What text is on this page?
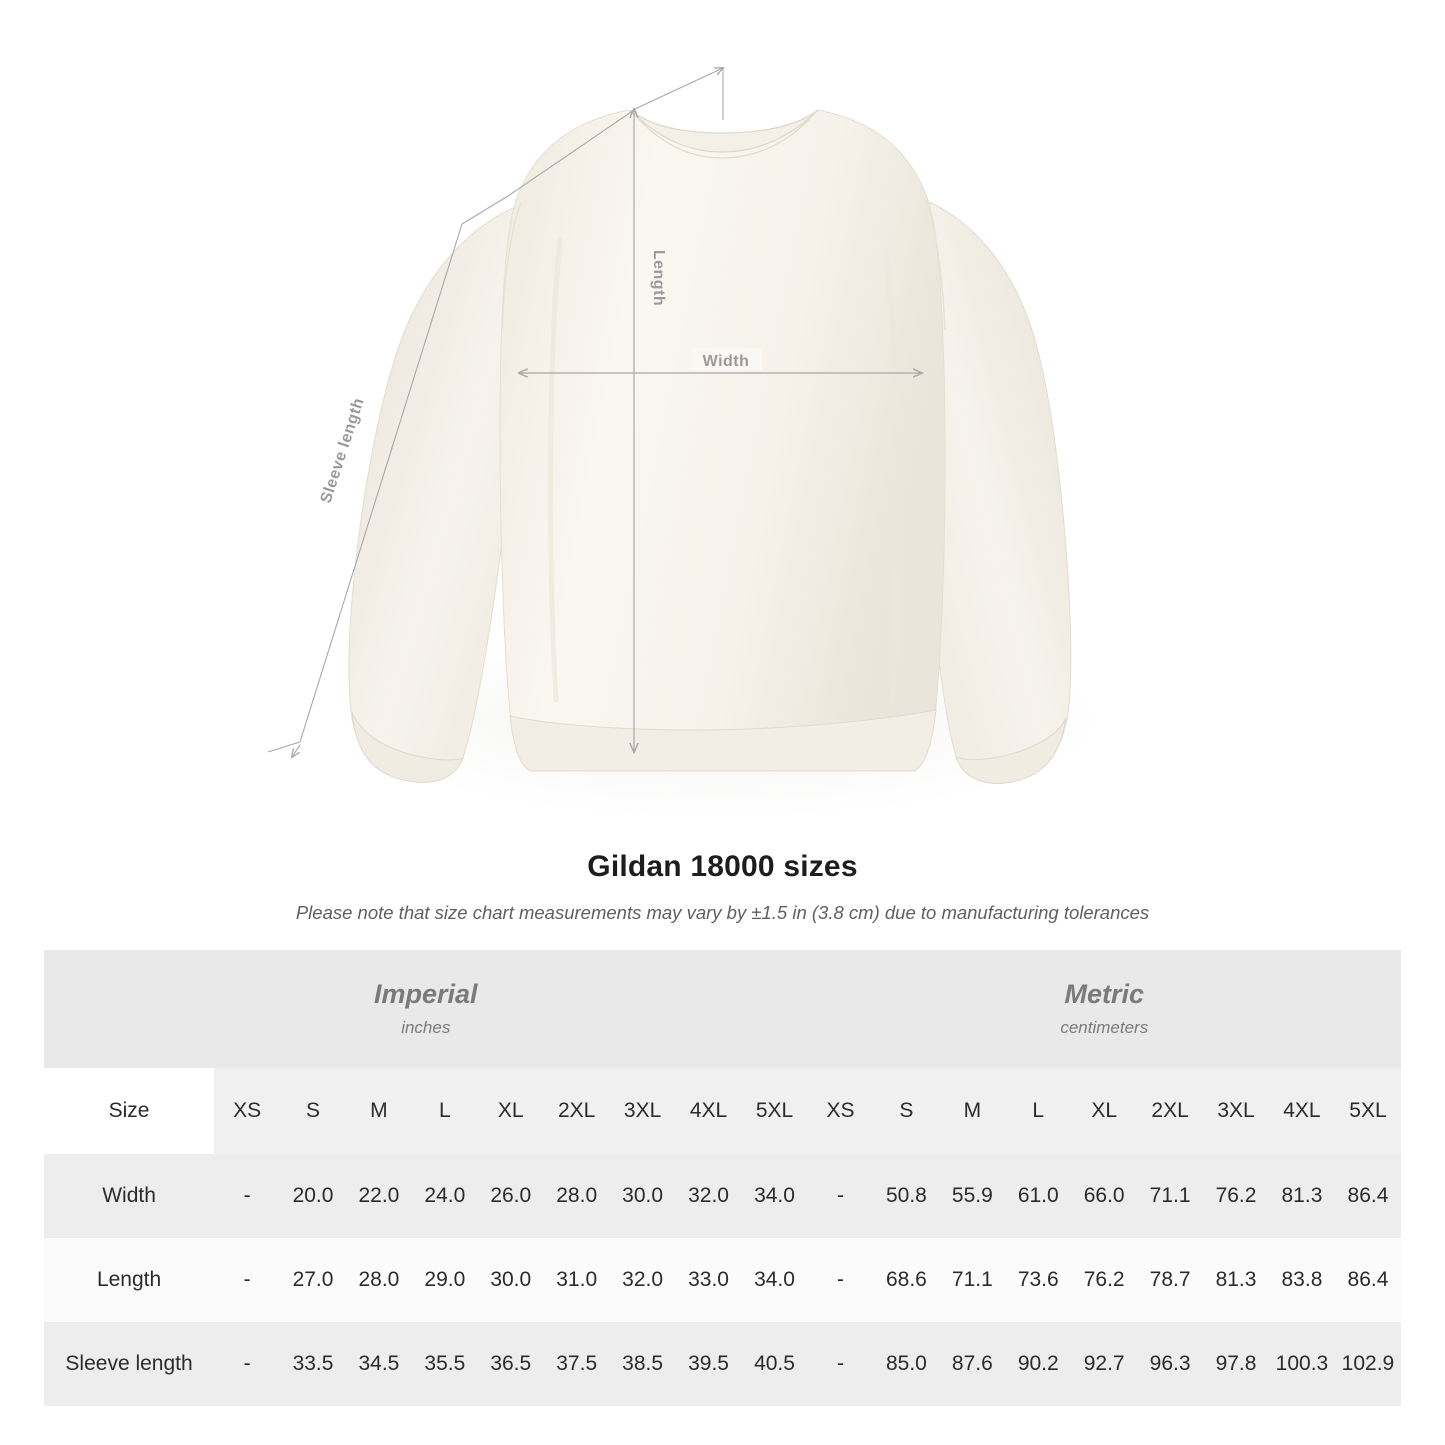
Sleeve length
Length
Width
Gildan 18000 sizes
Please note that size chart measurements may vary by ±1.5 in (3.8 cm) due to manufacturing tolerances
Imperial
inches

Metric
centimeters

Size	XS	S	M	L	XL	2XL	3XL	4XL	5XL	XS	S	M	L	XL	2XL	3XL	4XL	5XL
Width	-	20.0	22.0	24.0	26.0	28.0	30.0	32.0	34.0	-	50.8	55.9	61.0	66.0	71.1	76.2	81.3	86.4
Length	-	27.0	28.0	29.0	30.0	31.0	32.0	33.0	34.0	-	68.6	71.1	73.6	76.2	78.7	81.3	83.8	86.4
Sleeve length	-	33.5	34.5	35.5	36.5	37.5	38.5	39.5	40.5	-	85.0	87.6	90.2	92.7	96.3	97.8	100.3	102.9
